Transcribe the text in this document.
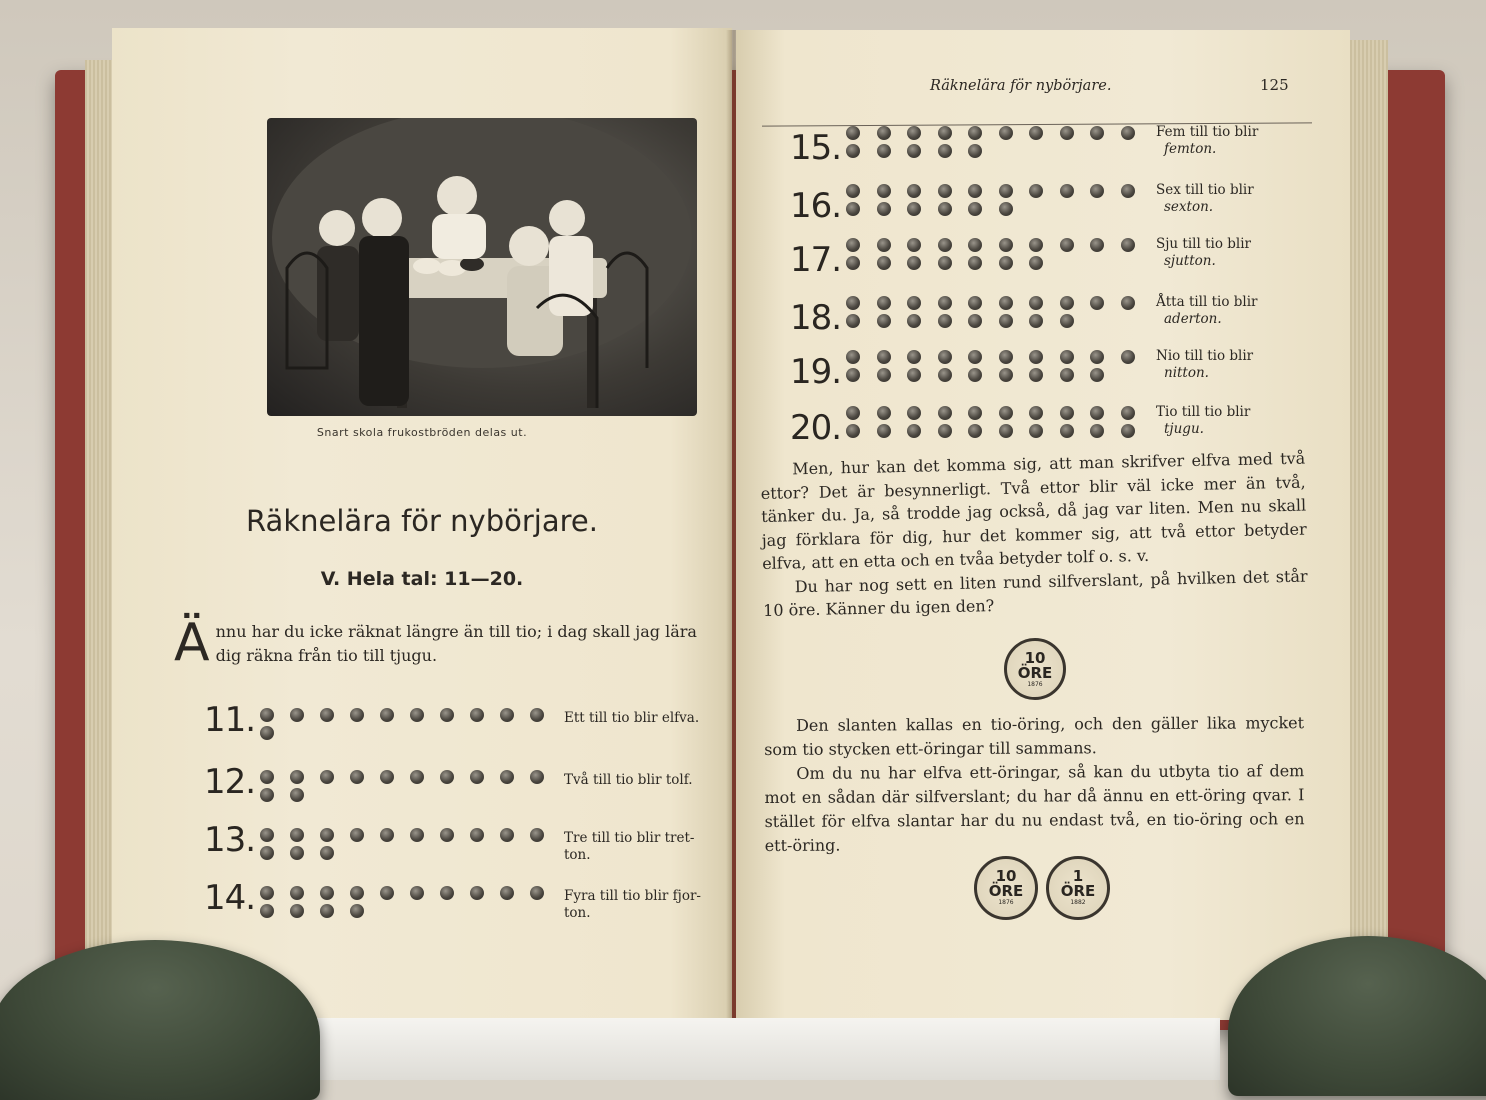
Snart skola frukostbröden delas ut.
Räknelära för nybörjare.
V. Hela tal: 11—20.
Ännu har du icke räknat längre än till tio; i dag skall jag lära dig räkna från tio till tjugu.
11.	Ett till tio blir elfva.
12.	Två till tio blir tolf.
13.	Tre till tio blir tret-ton.
14.	Fyra till tio blir fjor-ton.
Räknelära för nybörjare.	125
15.	Fem till tio blir
femton.
16.	Sex till tio blir
sexton.
17.	Sju till tio blir
sjutton.
18.	Åtta till tio blir
aderton.
19.	Nio till tio blir
nitton.
20.	Tio till tio blir
tjugu.

Men, hur kan det komma sig, att man skrifver elfva med två ettor? Det är besynnerligt. Två ettor blir väl icke mer än två, tänker du. Ja, så trodde jag också, då jag var liten. Men nu skall jag förklara för dig, hur det kommer sig, att två ettor betyder elfva, att en etta och en tvåa betyder tolf o. s. v.

Du har nog sett en liten rund silfverslant, på hvilken det står 10 öre. Känner du igen den?

10
ÖRE
1876

Den slanten kallas en tio-öring, och den gäller lika mycket som tio stycken ett-öringar till sammans.

Om du nu har elfva ett-öringar, så kan du utbyta tio af dem mot en sådan där silfverslant; du har då ännu en ett-öring qvar. I stället för elfva slantar har du nu endast två, en tio-öring och en ett-öring.

10
ÖRE
1876
1
ÖRE
1882
